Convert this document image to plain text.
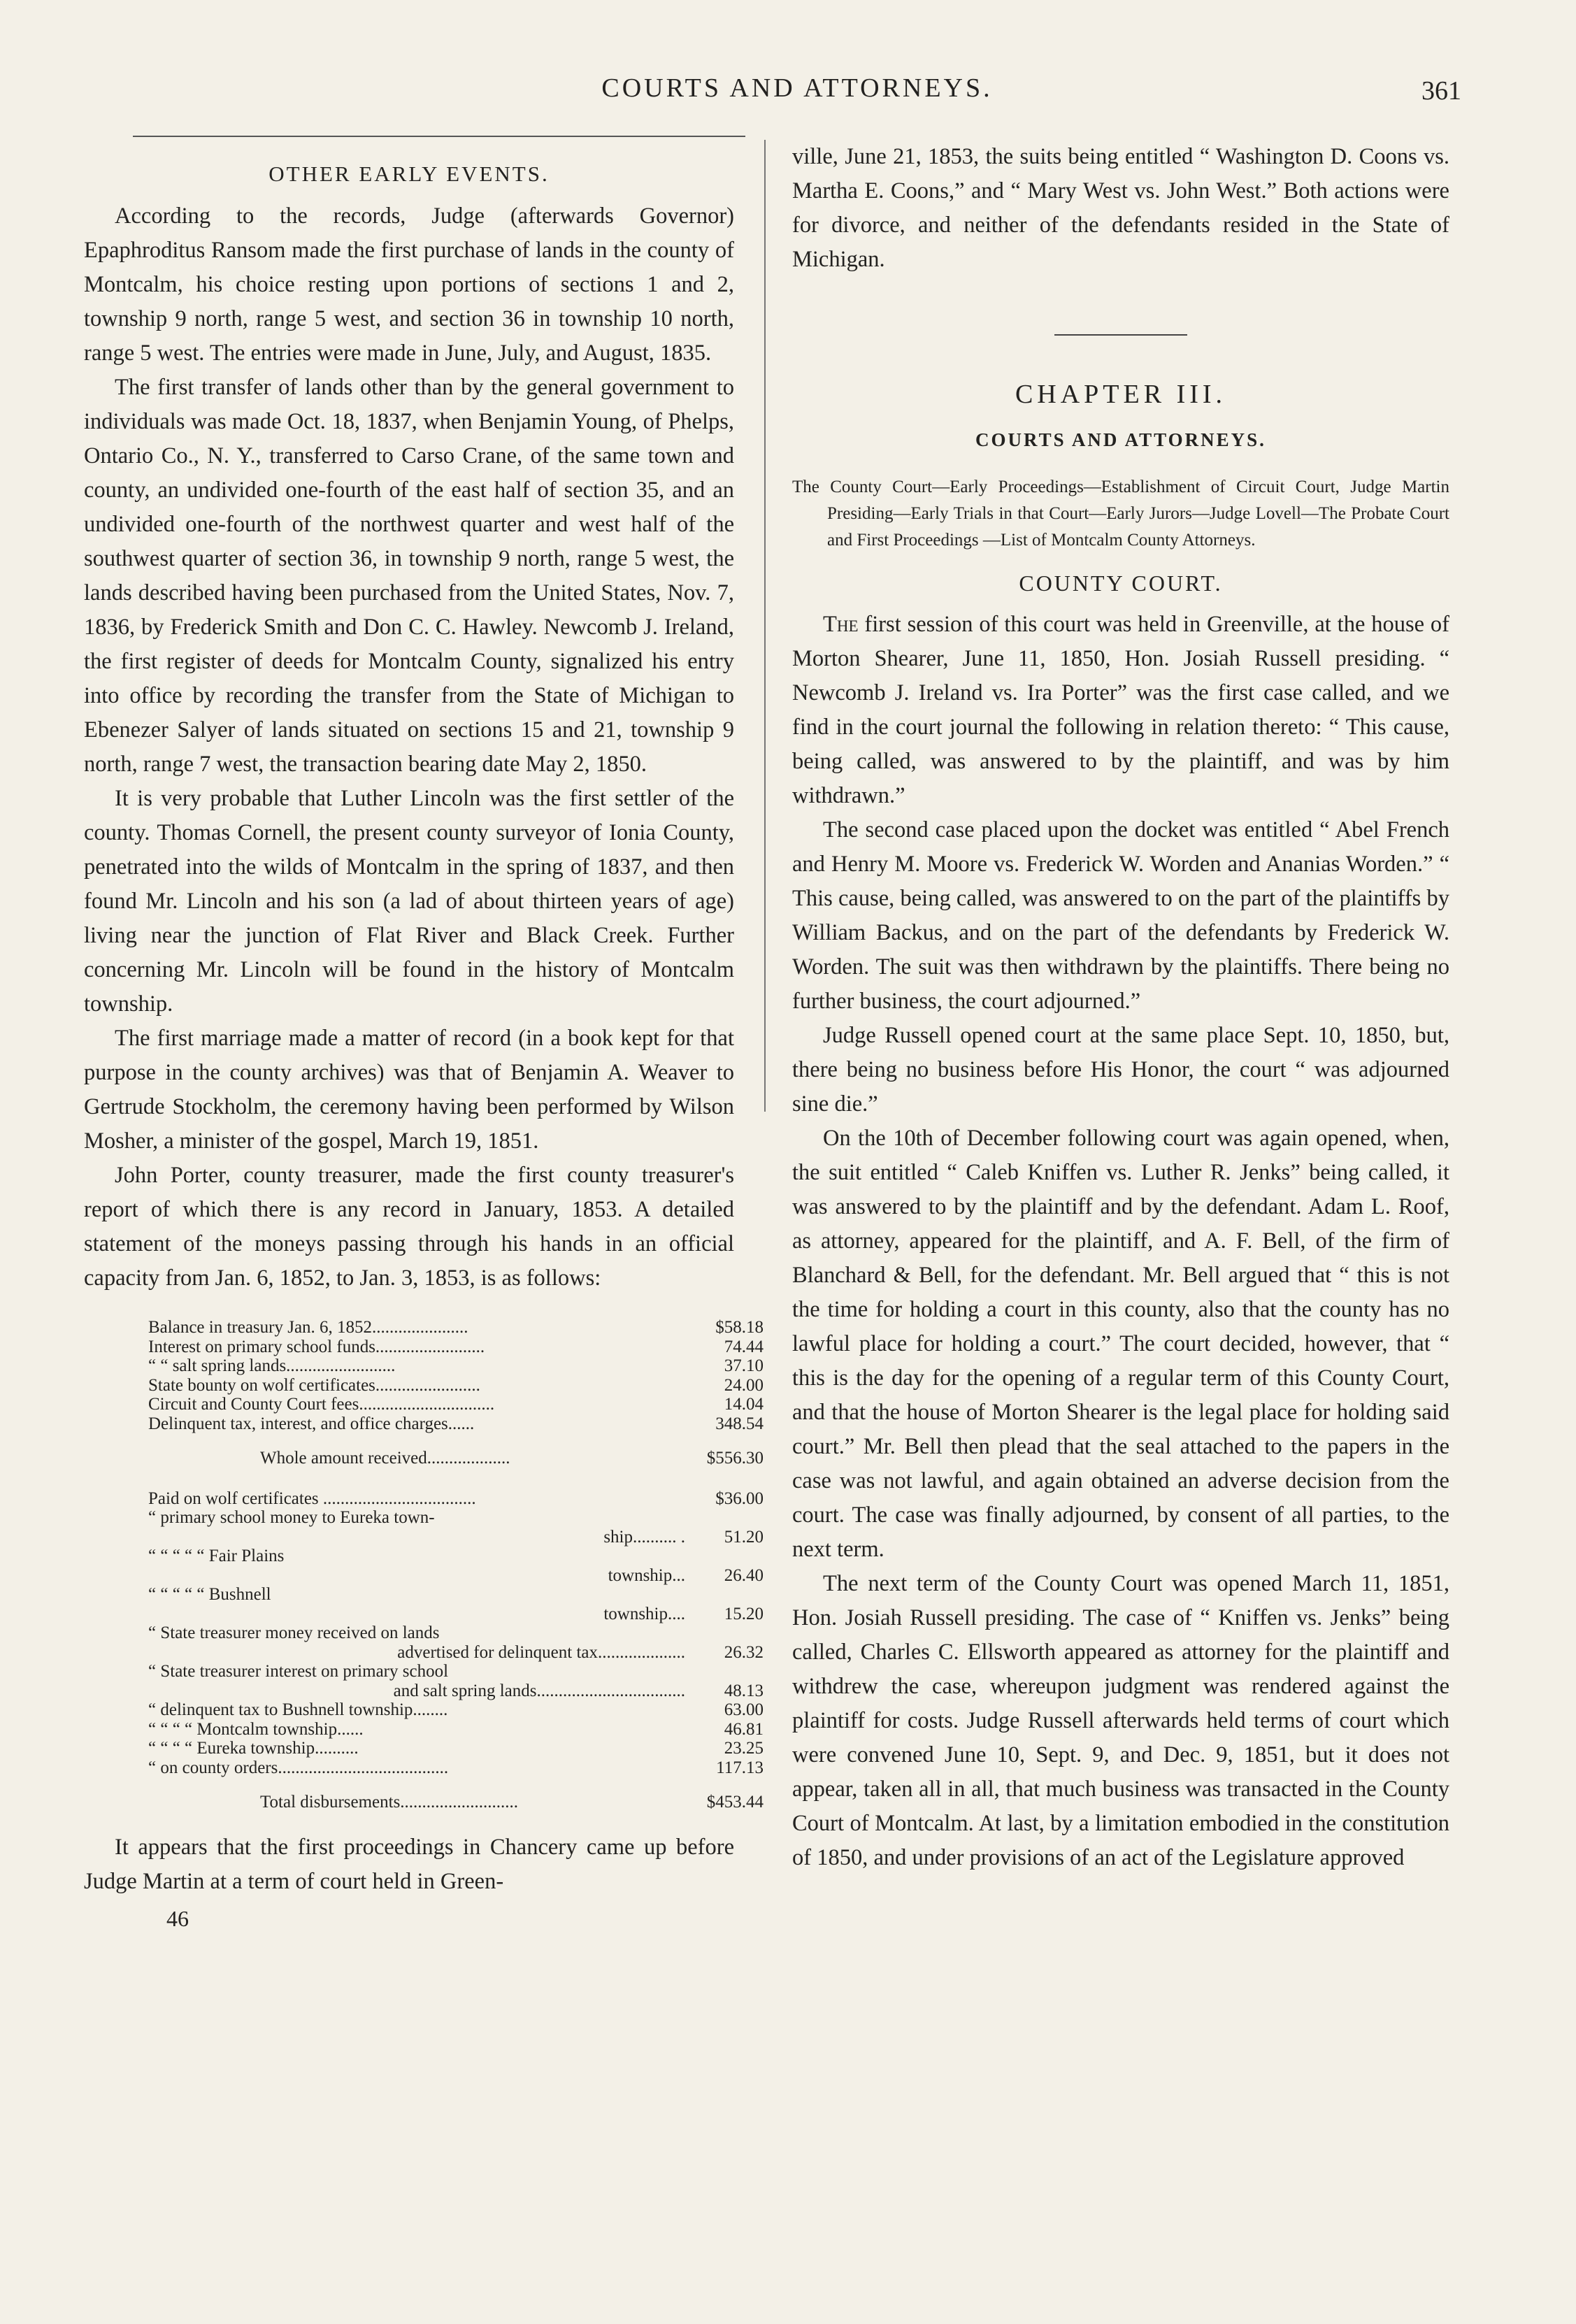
COURTS AND ATTORNEYS.	361
OTHER EARLY EVENTS.

According to the records, Judge (afterwards Governor) Epaphroditus Ransom made the first purchase of lands in the county of Montcalm, his choice resting upon portions of sections 1 and 2, township 9 north, range 5 west, and section 36 in township 10 north, range 5 west. The entries were made in June, July, and August, 1835.

The first transfer of lands other than by the general government to individuals was made Oct. 18, 1837, when Benjamin Young, of Phelps, Ontario Co., N. Y., transferred to Carso Crane, of the same town and county, an undivided one-fourth of the east half of section 35, and an undivided one-fourth of the northwest quarter and west half of the southwest quarter of section 36, in township 9 north, range 5 west, the lands described having been purchased from the United States, Nov. 7, 1836, by Frederick Smith and Don C. C. Hawley. Newcomb J. Ireland, the first register of deeds for Montcalm County, signalized his entry into office by recording the transfer from the State of Michigan to Ebenezer Salyer of lands situated on sections 15 and 21, township 9 north, range 7 west, the transaction bearing date May 2, 1850.

It is very probable that Luther Lincoln was the first settler of the county. Thomas Cornell, the present county surveyor of Ionia County, penetrated into the wilds of Montcalm in the spring of 1837, and then found Mr. Lincoln and his son (a lad of about thirteen years of age) living near the junction of Flat River and Black Creek. Further concerning Mr. Lincoln will be found in the history of Montcalm township.

The first marriage made a matter of record (in a book kept for that purpose in the county archives) was that of Benjamin A. Weaver to Gertrude Stockholm, the ceremony having been performed by Wilson Mosher, a minister of the gospel, March 19, 1851.

John Porter, county treasurer, made the first county treasurer's report of which there is any record in January, 1853. A detailed statement of the moneys passing through his hands in an official capacity from Jan. 6, 1852, to Jan. 3, 1853, is as follows:

Balance in treasury Jan. 6, 1852......................	$58.18
Interest on primary school funds.........................	74.44
“ “ salt spring lands.........................	37.10
State bounty on wolf certificates........................	24.00
Circuit and County Court fees...............................	14.04
Delinquent tax, interest, and office charges......	348.54
Whole amount received...................	$556.30
Paid on wolf certificates ...................................	$36.00
“ primary school money to Eureka town-
ship.......... .	51.20
“ “ “ “ “ Fair Plains
township...	26.40
“ “ “ “ “ Bushnell
township....	15.20
“ State treasurer money received on lands
advertised for delinquent tax....................	26.32
“ State treasurer interest on primary school
and salt spring lands..................................	48.13
“ delinquent tax to Bushnell township........	63.00
“ “ “ “ Montcalm township......	46.81
“ “ “ “ Eureka township..........	23.25
“ on county orders.......................................	117.13
Total disbursements...........................	$453.44

It appears that the first proceedings in Chancery came up before Judge Martin at a term of court held in Green-

46

ville, June 21, 1853, the suits being entitled “ Washington D. Coons vs. Martha E. Coons,” and “ Mary West vs. John West.” Both actions were for divorce, and neither of the defendants resided in the State of Michigan.

CHAPTER III.
COURTS AND ATTORNEYS.
The County Court—Early Proceedings—Establishment of Circuit Court, Judge Martin Presiding—Early Trials in that Court—Early Jurors—Judge Lovell—The Probate Court and First Proceedings —List of Montcalm County Attorneys.
COUNTY COURT.

The first session of this court was held in Greenville, at the house of Morton Shearer, June 11, 1850, Hon. Josiah Russell presiding. “ Newcomb J. Ireland vs. Ira Porter” was the first case called, and we find in the court journal the following in relation thereto: “ This cause, being called, was answered to by the plaintiff, and was by him withdrawn.”

The second case placed upon the docket was entitled “ Abel French and Henry M. Moore vs. Frederick W. Worden and Ananias Worden.” “ This cause, being called, was answered to on the part of the plaintiffs by William Backus, and on the part of the defendants by Frederick W. Worden. The suit was then withdrawn by the plaintiffs. There being no further business, the court adjourned.”

Judge Russell opened court at the same place Sept. 10, 1850, but, there being no business before His Honor, the court “ was adjourned sine die.”

On the 10th of December following court was again opened, when, the suit entitled “ Caleb Kniffen vs. Luther R. Jenks” being called, it was answered to by the plaintiff and by the defendant. Adam L. Roof, as attorney, appeared for the plaintiff, and A. F. Bell, of the firm of Blanchard & Bell, for the defendant. Mr. Bell argued that “ this is not the time for holding a court in this county, also that the county has no lawful place for holding a court.” The court decided, however, that “ this is the day for the opening of a regular term of this County Court, and that the house of Morton Shearer is the legal place for holding said court.” Mr. Bell then plead that the seal attached to the papers in the case was not lawful, and again obtained an adverse decision from the court. The case was finally adjourned, by consent of all parties, to the next term.

The next term of the County Court was opened March 11, 1851, Hon. Josiah Russell presiding. The case of “ Kniffen vs. Jenks” being called, Charles C. Ellsworth appeared as attorney for the plaintiff and withdrew the case, whereupon judgment was rendered against the plaintiff for costs. Judge Russell afterwards held terms of court which were convened June 10, Sept. 9, and Dec. 9, 1851, but it does not appear, taken all in all, that much business was transacted in the County Court of Montcalm. At last, by a limitation embodied in the constitution of 1850, and under provisions of an act of the Legislature approved
